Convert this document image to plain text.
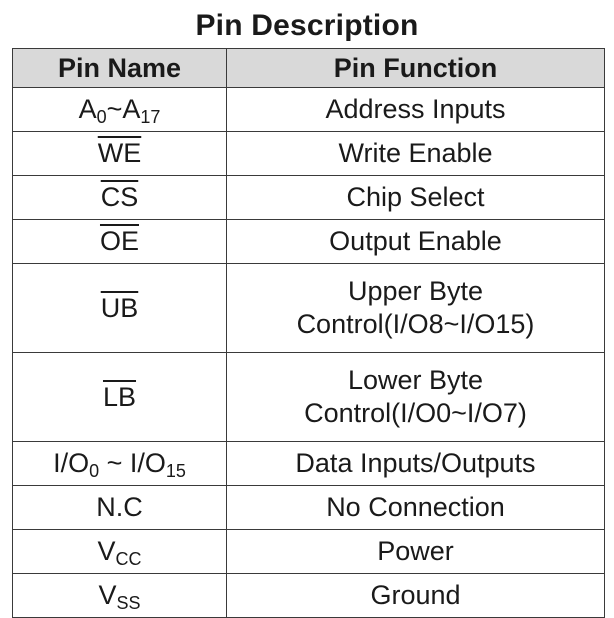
Pin Description
Pin Name	Pin Function
$A_0\sim A_{17}$	Address Inputs
$\overline{WE}$	Write Enable
$\overline{CS}$	Chip Select
$\overline{OE}$	Output Enable
$\overline{UB}$	Upper Byte
Control(I/O8~I/O15)
$\overline{LB}$	Lower Byte
Control(I/O0~I/O7)
$I/O_0$ ~ $I/O_{15}$	Data Inputs/Outputs
N.C	No Connection
$V_{CC}$	Power
$V_{SS}$	Ground
